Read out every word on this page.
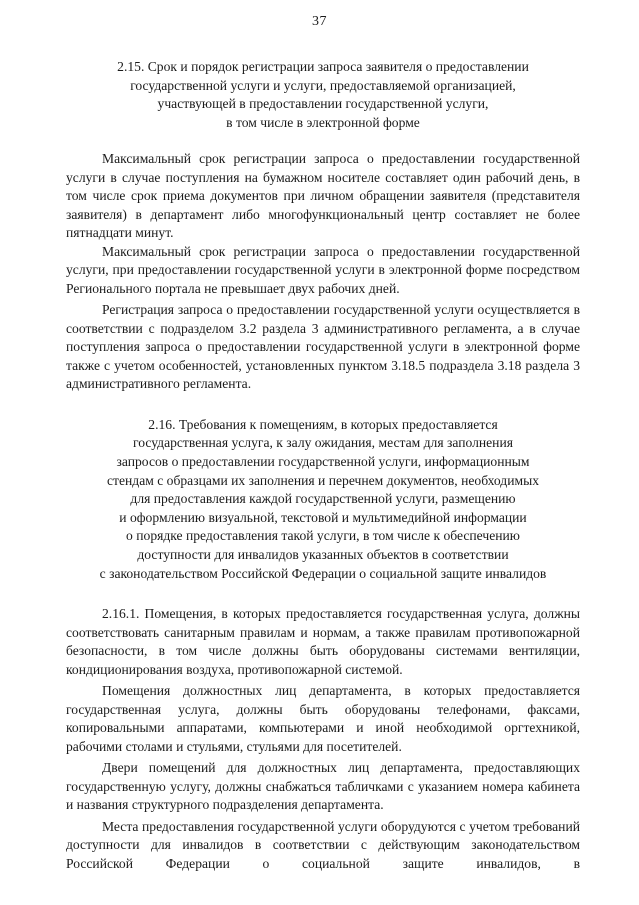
37
2.15. Срок и порядок регистрации запроса заявителя о предоставлении
государственной услуги и услуги, предоставляемой организацией,
участвующей в предоставлении государственной услуги,
в том числе в электронной форме

Максимальный срок регистрации запроса о предоставлении государственной услуги в случае поступления на бумажном носителе составляет один рабочий день, в том числе срок приема документов при личном обращении заявителя (представителя заявителя) в департамент либо многофункциональный центр составляет не более пятнадцати минут.

Максимальный срок регистрации запроса о предоставлении государственной услуги, при предоставлении государственной услуги в электронной форме посредством Регионального портала не превышает двух рабочих дней.

Регистрация запроса о предоставлении государственной услуги осуществляется в соответствии с подразделом 3.2 раздела 3 административного регламента, а в случае поступления запроса о предоставлении государственной услуги в электронной форме также с учетом особенностей, установленных пунктом 3.18.5 подраздела 3.18 раздела 3 административного регламента.

2.16. Требования к помещениям, в которых предоставляется
государственная услуга, к залу ожидания, местам для заполнения
запросов о предоставлении государственной услуги, информационным
стендам с образцами их заполнения и перечнем документов, необходимых
для предоставления каждой государственной услуги, размещению
и оформлению визуальной, текстовой и мультимедийной информации
о порядке предоставления такой услуги, в том числе к обеспечению
доступности для инвалидов указанных объектов в соответствии
с законодательством Российской Федерации о социальной защите инвалидов

2.16.1. Помещения, в которых предоставляется государственная услуга, должны соответствовать санитарным правилам и нормам, а также правилам противопожарной безопасности, в том числе должны быть оборудованы системами вентиляции, кондиционирования воздуха, противопожарной системой.

Помещения должностных лиц департамента, в которых предоставляется государственная услуга, должны быть оборудованы телефонами, факсами, копировальными аппаратами, компьютерами и иной необходимой оргтехникой, рабочими столами и стульями, стульями для посетителей.

Двери помещений для должностных лиц департамента, предоставляющих государственную услугу, должны снабжаться табличками с указанием номера кабинета и названия структурного подразделения департамента.

Места предоставления государственной услуги оборудуются с учетом требований доступности для инвалидов в соответствии с действующим законодательством Российской Федерации о социальной защите инвалидов, в
